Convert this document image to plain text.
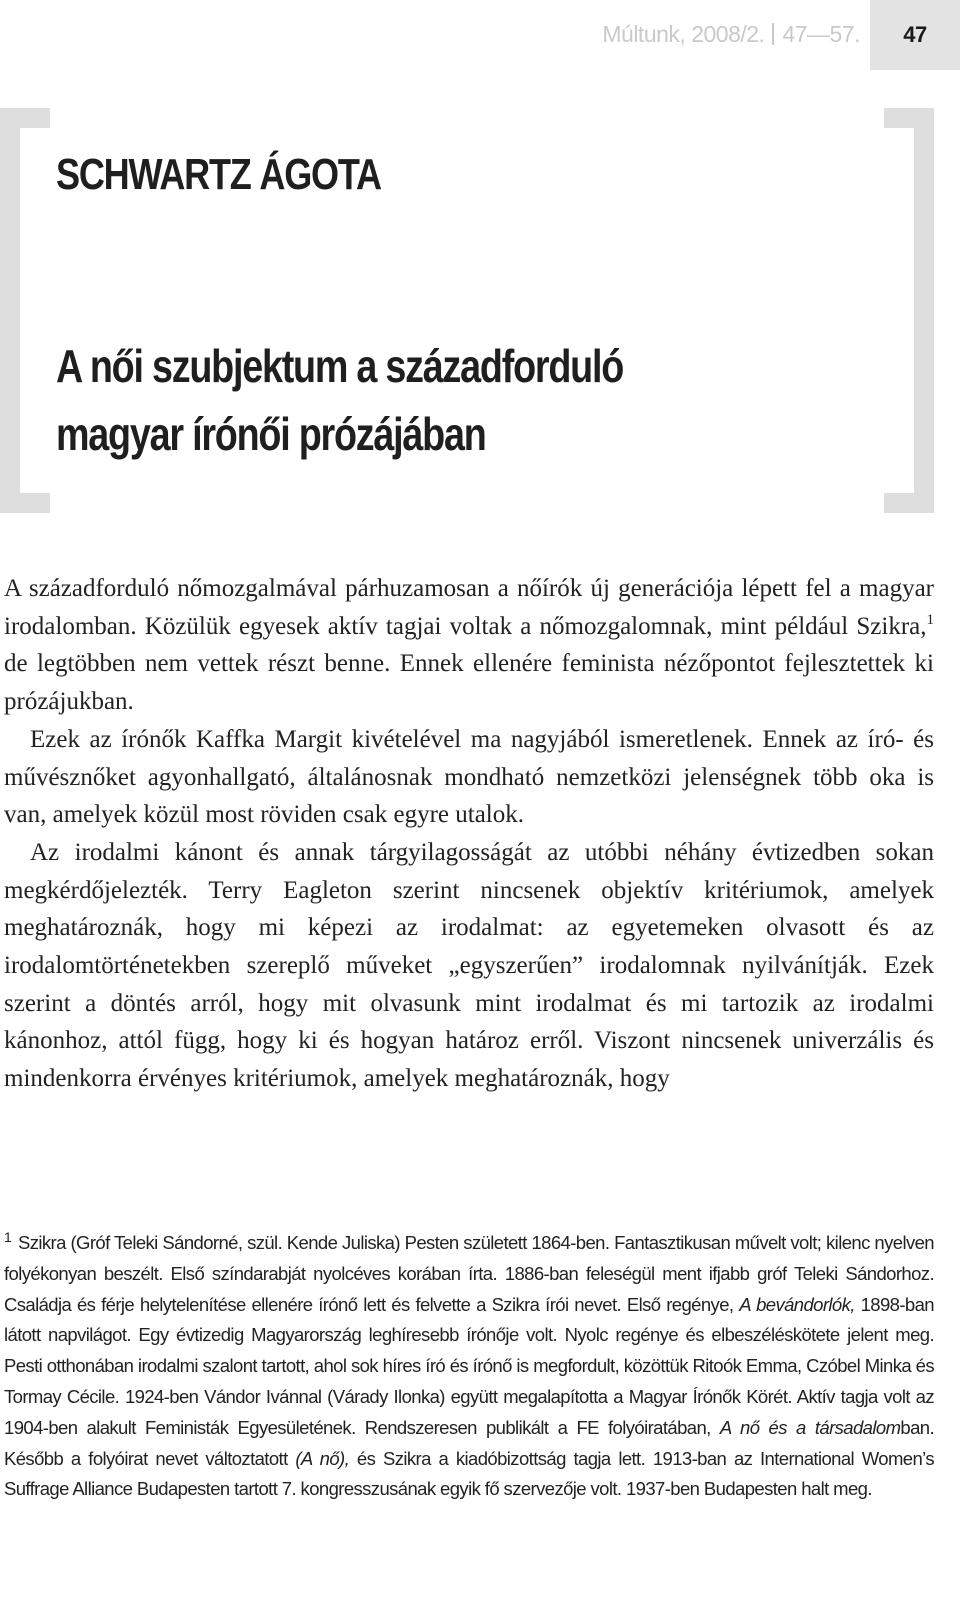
Múltunk, 2008/2. 47—57. 47
SCHWARTZ ÁGOTA
A női szubjektum a századforduló
magyar írónői prózájában

A századforduló nőmozgalmával párhuzamosan a nőírók új generációja lépett fel a magyar irodalomban. Közülük egyesek aktív tagjai voltak a nőmozgalomnak, mint például Szikra,$^1$ de legtöbben nem vettek részt benne. Ennek ellenére feminista nézőpontot fejlesztettek ki prózájukban.

Ezek az írónők Kaffka Margit kivételével ma nagyjából ismeretlenek. Ennek az író- és művésznőket agyonhallgató, általánosnak mondható nemzetközi jelenségnek több oka is van, amelyek közül most röviden csak egyre utalok.

Az irodalmi kánont és annak tárgyilagosságát az utóbbi néhány évtizedben sokan megkérdőjelezték. Terry Eagleton szerint nincsenek objektív kritériumok, amelyek meghatároznák, hogy mi képezi az irodalmat: az egyetemeken olvasott és az irodalomtörténetekben szereplő műveket „egyszerűen” irodalomnak nyilvánítják. Ezek szerint a döntés arról, hogy mit olvasunk mint irodalmat és mi tartozik az irodalmi kánonhoz, attól függ, hogy ki és hogyan határoz erről. Viszont nincsenek univerzális és mindenkorra érvényes kritériumok, amelyek meghatároznák, hogy

1 Szikra (Gróf Teleki Sándorné, szül. Kende Juliska) Pesten született 1864-ben. Fantasztikusan művelt volt; kilenc nyelven folyékonyan beszélt. Első színdarabját nyolcéves korában írta. 1886-ban feleségül ment ifjabb gróf Teleki Sándorhoz. Családja és férje helytelenítése ellenére írónő lett és felvette a Szikra írói nevet. Első regénye, A bevándorlók, 1898-ban látott napvilágot. Egy évtizedig Magyarország leghíresebb írónője volt. Nyolc regénye és elbeszéléskötete jelent meg. Pesti otthonában irodalmi szalont tartott, ahol sok híres író és írónő is megfordult, közöttük Ritoók Emma, Czóbel Minka és Tormay Cécile. 1924-ben Vándor Ivánnal (Várady Ilonka) együtt megalapította a Magyar Írónők Körét. Aktív tagja volt az 1904-ben alakult Feministák Egyesületének. Rendszeresen publikált a FE folyóiratában, A nő és a társadalomban. Később a folyóirat nevet változtatott (A nő), és Szikra a kiadóbizottság tagja lett. 1913-ban az International Women’s Suffrage Alliance Budapesten tartott 7. kongresszusának egyik fő szervezője volt. 1937-ben Budapesten halt meg.
